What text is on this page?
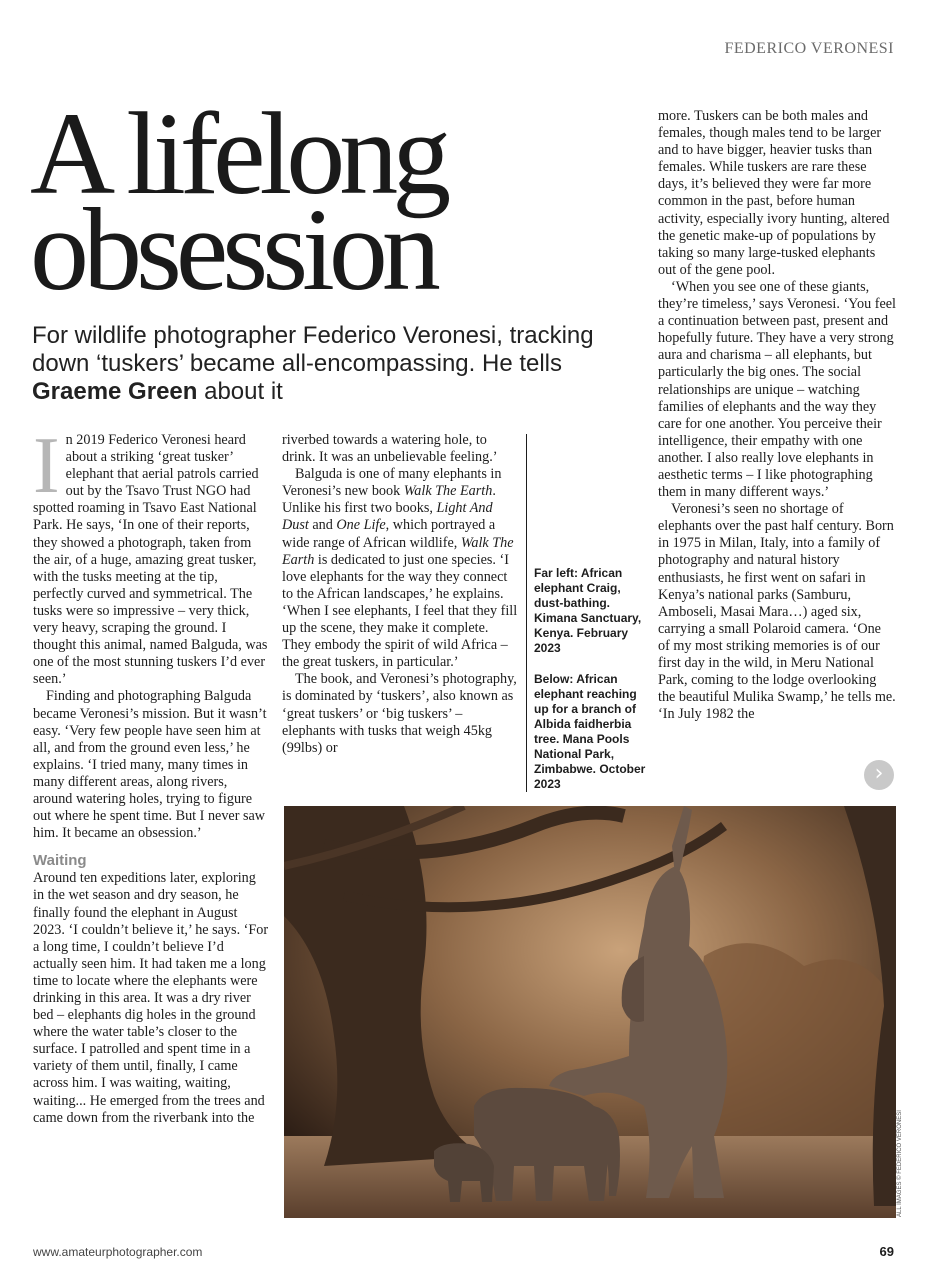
FEDERICO VERONESI
A lifelong
obsession
For wildlife photographer Federico Veronesi, tracking down ‘tuskers’ became all-encompassing. He tells Graeme Green about it

In 2019 Federico Veronesi heard about a striking ‘great tusker’ elephant that aerial patrols carried out by the Tsavo Trust NGO had spotted roaming in Tsavo East National Park. He says, ‘In one of their reports, they showed a photograph, taken from the air, of a huge, amazing great tusker, with the tusks meeting at the tip, perfectly curved and symmetrical. The tusks were so impressive – very thick, very heavy, scraping the ground. I thought this animal, named Balguda, was one of the most stunning tuskers I’d ever seen.’

Finding and photographing Balguda became Veronesi’s mission. But it wasn’t easy. ‘Very few people have seen him at all, and from the ground even less,’ he explains. ‘I tried many, many times in many different areas, along rivers, around watering holes, trying to figure out where he spent time. But I never saw him. It became an obsession.’

Waiting

Around ten expeditions later, exploring in the wet season and dry season, he finally found the elephant in August 2023. ‘I couldn’t believe it,’ he says. ‘For a long time, I couldn’t believe I’d actually seen him. It had taken me a long time to locate where the elephants were drinking in this area. It was a dry river bed – elephants dig holes in the ground where the water table’s closer to the surface. I patrolled and spent time in a variety of them until, finally, I came across him. I was waiting, waiting, waiting... He emerged from the trees and came down from the riverbank into the

riverbed towards a watering hole, to drink. It was an unbelievable feeling.’

Balguda is one of many elephants in Veronesi’s new book Walk The Earth. Unlike his first two books, Light And Dust and One Life, which portrayed a wide range of African wildlife, Walk The Earth is dedicated to just one species. ‘I love elephants for the way they connect to the African landscapes,’ he explains. ‘When I see elephants, I feel that they fill up the scene, they make it complete. They embody the spirit of wild Africa – the great tuskers, in particular.’

The book, and Veronesi’s photography, is dominated by ‘tuskers’, also known as ‘great tuskers’ or ‘big tuskers’ – elephants with tusks that weigh 45kg (99lbs) or

Far left: African elephant Craig, dust-bathing. Kimana Sanctuary, Kenya. February 2023
Below: African elephant reaching up for a branch of Albida faidherbia tree. Mana Pools National Park, Zimbabwe. October 2023

more. Tuskers can be both males and females, though males tend to be larger and to have bigger, heavier tusks than females. While tuskers are rare these days, it’s believed they were far more common in the past, before human activity, especially ivory hunting, altered the genetic make-up of populations by taking so many large-tusked elephants out of the gene pool.

‘When you see one of these giants, they’re timeless,’ says Veronesi. ‘You feel a continuation between past, present and hopefully future. They have a very strong aura and charisma – all elephants, but particularly the big ones. The social relationships are unique – watching families of elephants and the way they care for one another. You perceive their intelligence, their empathy with one another. I also really love elephants in aesthetic terms – I like photographing them in many different ways.’

Veronesi’s seen no shortage of elephants over the past half century. Born in 1975 in Milan, Italy, into a family of photography and natural history enthusiasts, he first went on safari in Kenya’s national parks (Samburu, Amboseli, Masai Mara…) aged six, carrying a small Polaroid camera. ‘One of my most striking memories is of our first day in the wild, in Meru National Park, coming to the lodge overlooking the beautiful Mulika Swamp,’ he tells me. ‘In July 1982 the

›
ALL IMAGES © FEDERICO VERONESI
www.amateurphotographer.com	69
